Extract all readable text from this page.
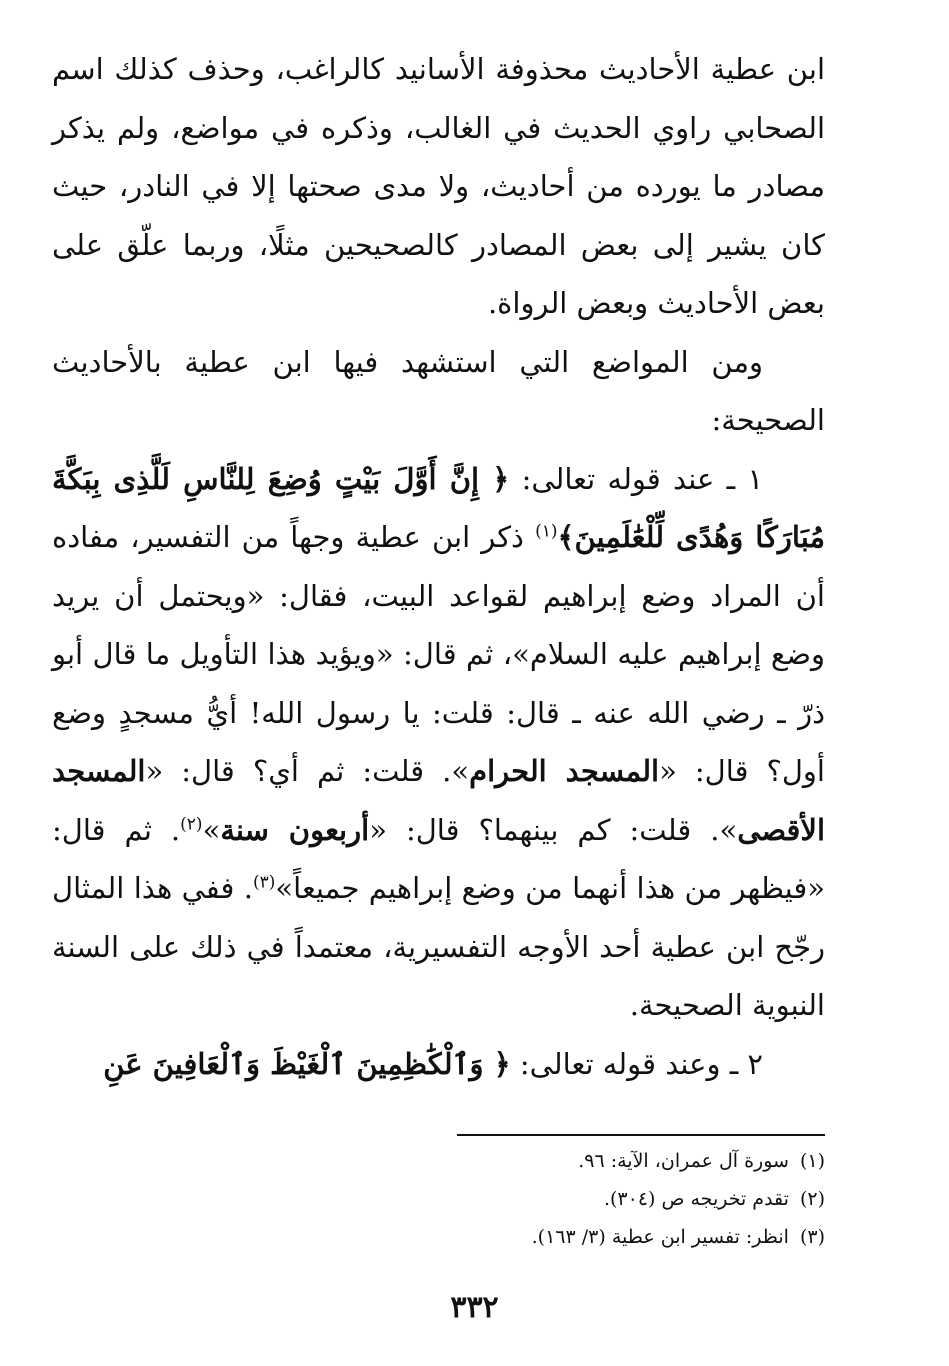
ابن عطية الأحاديث محذوفة الأسانيد كالراغب، وحذف كذلك اسم الصحابي راوي الحديث في الغالب، وذكره في مواضع، ولم يذكر مصادر ما يورده من أحاديث، ولا مدى صحتها إلا في النادر، حيث كان يشير إلى بعض المصادر كالصحيحين مثلًا، وربما علّق على بعض الأحاديث وبعض الرواة.

ومن المواضع التي استشهد فيها ابن عطية بالأحاديث الصحيحة:

١ ـ عند قوله تعالى: ﴿ إِنَّ أَوَّلَ بَيْتٍ وُضِعَ لِلنَّاسِ لَلَّذِى بِبَكَّةَ مُبَارَكًا وَهُدًى لِّلْعَٰلَمِينَ﴾$^{(١)}$ ذكر ابن عطية وجهاً من التفسير، مفاده أن المراد وضع إبراهيم لقواعد البيت، فقال: «ويحتمل أن يريد وضع إبراهيم عليه السلام»، ثم قال: «ويؤيد هذا التأويل ما قال أبو ذرّ ـ رضي الله عنه ـ قال: قلت: يا رسول الله! أيُّ مسجدٍ وضع أول؟ قال: «المسجد الحرام». قلت: ثم أي؟ قال: «المسجد الأقصى». قلت: كم بينهما؟ قال: «أربعون سنة»$^{(٢)}$. ثم قال: «فيظهر من هذا أنهما من وضع إبراهيم جميعاً»$^{(٣)}$. ففي هذا المثال رجّح ابن عطية أحد الأوجه التفسيرية، معتمداً في ذلك على السنة النبوية الصحيحة.

٢ ـ وعند قوله تعالى: ﴿ وَٱلْكَٰظِمِينَ ٱلْغَيْظَ وَٱلْعَافِينَ عَنِ

(١) سورة آل عمران، الآية: ٩٦.

(٢) تقدم تخريجه ص (٣٠٤).

(٣) انظر: تفسير ابن عطية (٣/ ١٦٣).

٣٣٢
